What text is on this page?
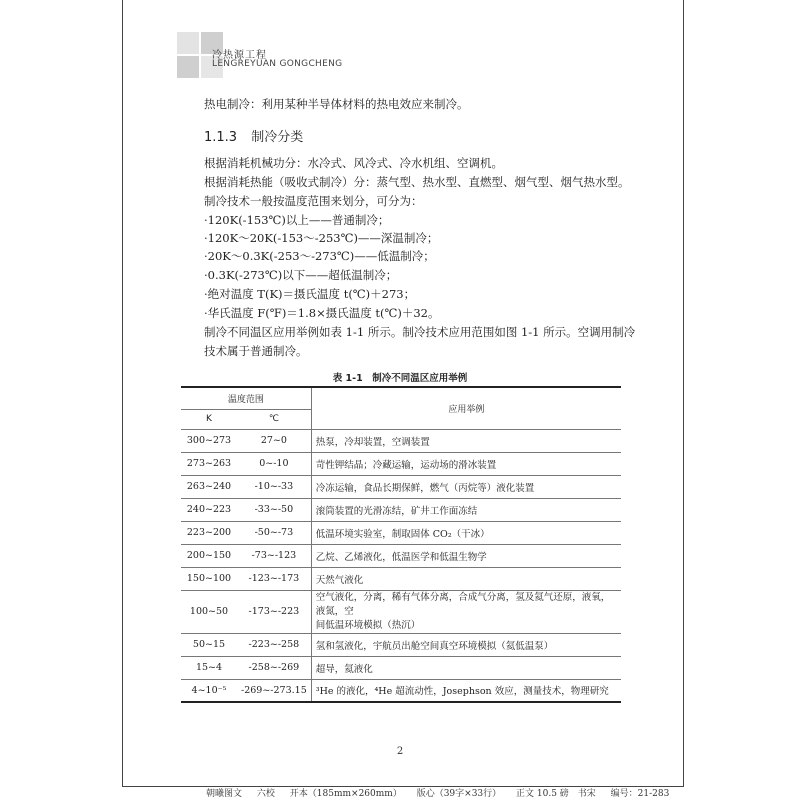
冷热源工程
LENGREYUAN GONGCHENG
热电制冷：利用某种半导体材料的热电效应来制冷。
1.1.3 制冷分类
根据消耗机械功分：水冷式、风冷式、冷水机组、空调机。
根据消耗热能（吸收式制冷）分：蒸气型、热水型、直燃型、烟气型、烟气热水型。
制冷技术一般按温度范围来划分，可分为：
·120K(-153℃)以上——普通制冷；
·120K～20K(-153～-253℃)——深温制冷；
·20K～0.3K(-253～-273℃)——低温制冷；
·0.3K(-273℃)以下——超低温制冷；
·绝对温度 T(K)＝摄氏温度 t(℃)＋273；
·华氏温度 F(℉)＝1.8×摄氏温度 t(℃)＋32。
制冷不同温区应用举例如表 1-1 所示。制冷技术应用范围如图 1-1 所示。空调用制冷
技术属于普通制冷。
表 1-1　制冷不同温区应用举例
温度范围		应用举例
K	℃	
300~273	27~0	热泵，冷却装置，空调装置
273~263	0~-10	苛性钾结晶；冷藏运输，运动场的滑冰装置
263~240	-10~-33	冷冻运输，食品长期保鲜，燃气（丙烷等）液化装置
240~223	-33~-50	滚筒装置的光滑冻结，矿井工作面冻结
223~200	-50~-73	低温环境实验室，制取固体 CO₂（干冰）
200~150	-73~-123	乙烷、乙烯液化，低温医学和低温生物学
150~100	-123~-173	天然气液化
100~50	-173~-223	空气液化，分离，稀有气体分离，合成气分离，氢及氦气还原，液氧，液氮，空
间低温环境模拟（热沉）

50~15	-223~-258	氢和氢液化，宇航员出舱空间真空环境模拟（氦低温泵）
15~4	-258~-269	超导，氦液化
4~10⁻⁵	-269~-273.15	³He 的液化，⁴He 超流动性，Josephson 效应，测量技术，物理研究
2
朝曦图文 六校 开本（185mm×260mm） 版心（39字×33行） 正文 10.5 磅　书宋 编号：21-283
